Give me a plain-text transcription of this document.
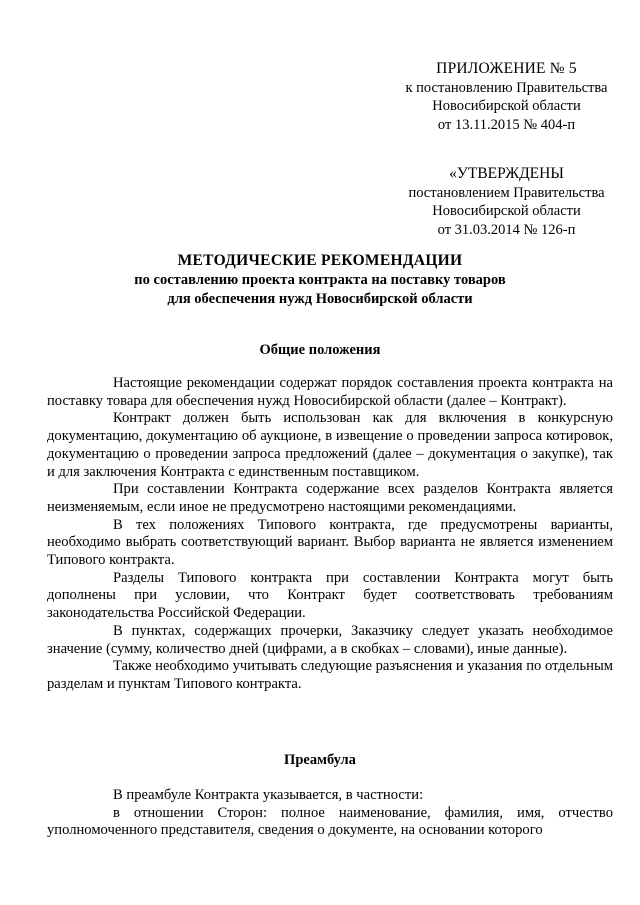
ПРИЛОЖЕНИЕ № 5
к постановлению Правительства
Новосибирской области
от 13.11.2015 № 404-п
«УТВЕРЖДЕНЫ
постановлением Правительства
Новосибирской области
от 31.03.2014 № 126-п
МЕТОДИЧЕСКИЕ РЕКОМЕНДАЦИИ
по составлению проекта контракта на поставку товаров
для обеспечения нужд Новосибирской области
Общие положения

Настоящие рекомендации содержат порядок составления проекта контракта на поставку товара для обеспечения нужд Новосибирской области (далее – Контракт).

Контракт должен быть использован как для включения в конкурсную документацию, документацию об аукционе, в извещение о проведении запроса котировок, документацию о проведении запроса предложений (далее – документация о закупке), так и для заключения Контракта с единственным поставщиком.

При составлении Контракта содержание всех разделов Контракта является неизменяемым, если иное не предусмотрено настоящими рекомендациями.

В тех положениях Типового контракта, где предусмотрены варианты, необходимо выбрать соответствующий вариант. Выбор варианта не является изменением Типового контракта.

Разделы Типового контракта при составлении Контракта могут быть дополнены при условии, что Контракт будет соответствовать требованиям законодательства Российской Федерации.

В пунктах, содержащих прочерки, Заказчику следует указать необходимое значение (сумму, количество дней (цифрами, а в скобках – словами), иные данные).

Также необходимо учитывать следующие разъяснения и указания по отдельным разделам и пунктам Типового контракта.

Преамбула

В преамбуле Контракта указывается, в частности:

в отношении Сторон: полное наименование, фамилия, имя, отчество уполномоченного представителя, сведения о документе, на основании которого
